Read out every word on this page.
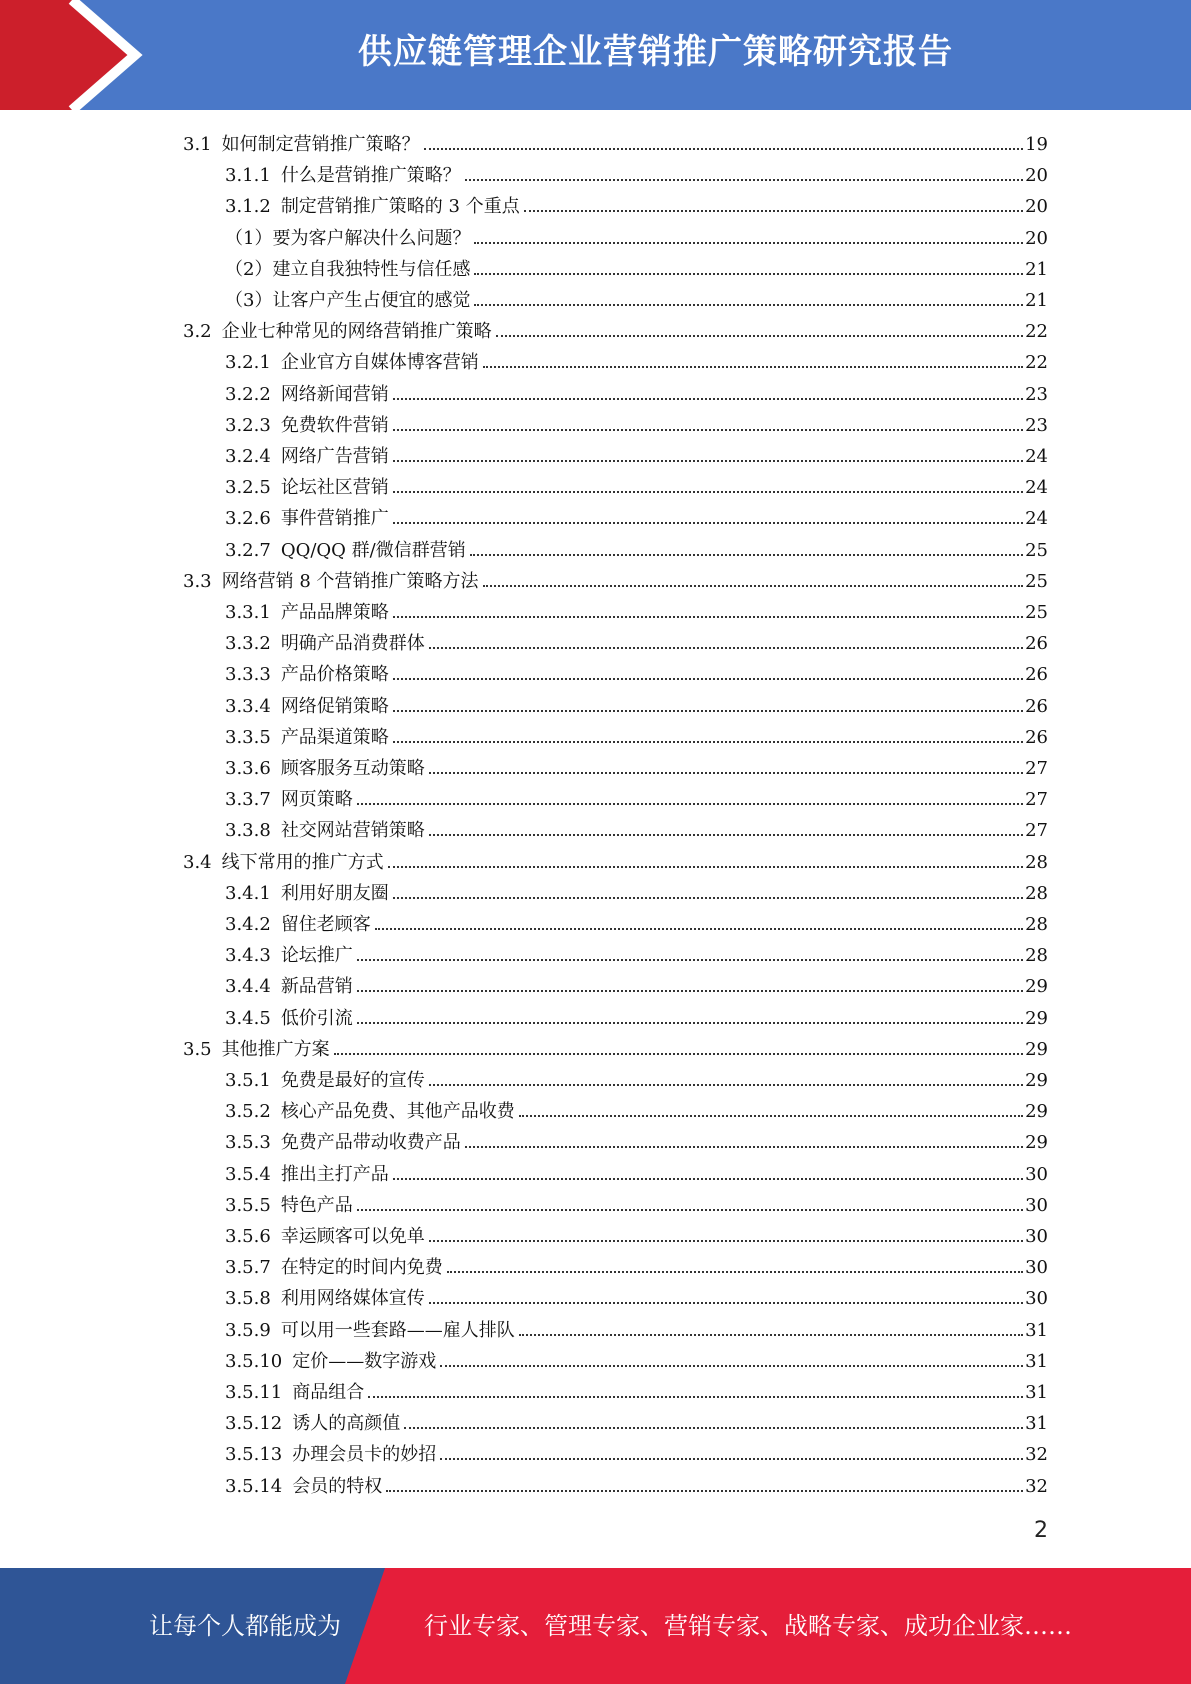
供应链管理企业营销推广策略研究报告
3.1 如何制定营销推广策略？	19
3.1.1 什么是营销推广策略？	20
3.1.2 制定营销推广策略的 3 个重点	20
（1） 要为客户解决什么问题？	20
（2） 建立自我独特性与信任感	21
（3） 让客户产生占便宜的感觉	21
3.2 企业七种常见的网络营销推广策略	22
3.2.1 企业官方自媒体博客营销	22
3.2.2 网络新闻营销	23
3.2.3 免费软件营销	23
3.2.4 网络广告营销	24
3.2.5 论坛社区营销	24
3.2.6 事件营销推广	24
3.2.7 QQ/QQ 群/微信群营销	25
3.3 网络营销 8 个营销推广策略方法	25
3.3.1 产品品牌策略	25
3.3.2 明确产品消费群体	26
3.3.3 产品价格策略	26
3.3.4 网络促销策略	26
3.3.5 产品渠道策略	26
3.3.6 顾客服务互动策略	27
3.3.7 网页策略	27
3.3.8 社交网站营销策略	27
3.4 线下常用的推广方式	28
3.4.1 利用好朋友圈	28
3.4.2 留住老顾客	28
3.4.3 论坛推广	28
3.4.4 新品营销	29
3.4.5 低价引流	29
3.5 其他推广方案	29
3.5.1 免费是最好的宣传	29
3.5.2 核心产品免费、其他产品收费	29
3.5.3 免费产品带动收费产品	29
3.5.4 推出主打产品	30
3.5.5 特色产品	30
3.5.6 幸运顾客可以免单	30
3.5.7 在特定的时间内免费	30
3.5.8 利用网络媒体宣传	30
3.5.9 可以用一些套路——雇人排队	31
3.5.10 定价——数字游戏	31
3.5.11 商品组合	31
3.5.12 诱人的高颜值	31
3.5.13 办理会员卡的妙招	32
3.5.14 会员的特权	32
2
让每个人都能成为	行业专家、管理专家、营销专家、战略专家、成功企业家……
